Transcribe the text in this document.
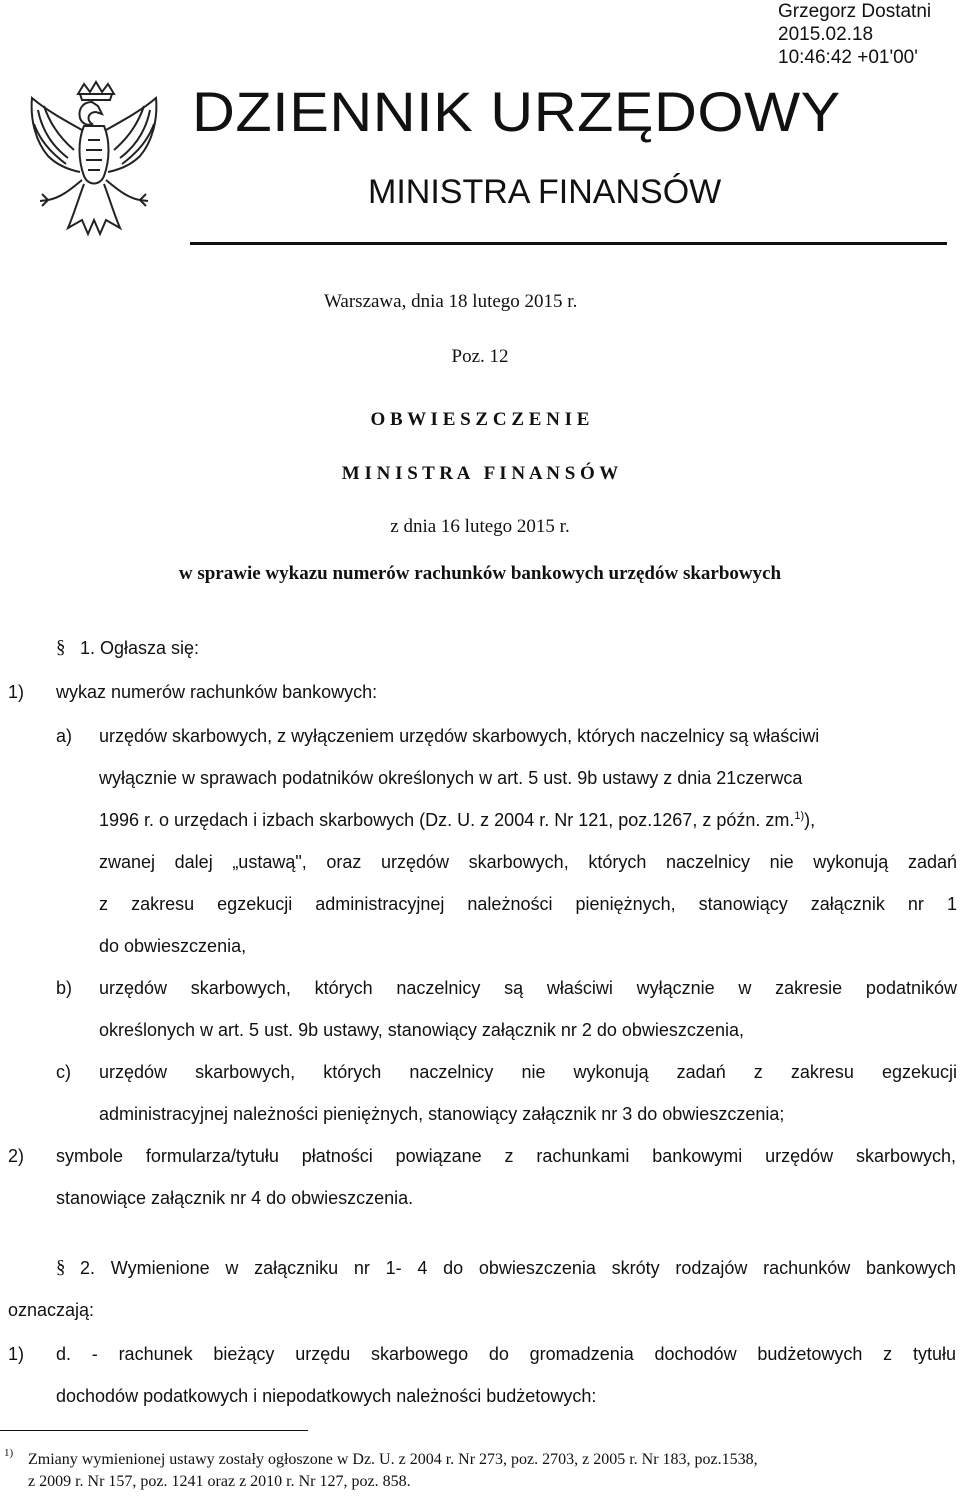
Grzegorz Dostatni
2015.02.18
10:46:42 +01'00'
DZIENNIK URZĘDOWY
MINISTRA FINANSÓW
Warszawa, dnia 18 lutego 2015 r.
Poz. 12
O B W I E S Z C Z E N I E
M I N I S T R A   F I N A N S Ó W
z dnia 16 lutego 2015 r.
w sprawie wykazu numerów rachunków bankowych urzędów skarbowych
§ 1. Ogłasza się:
1) wykaz numerów rachunków bankowych:
a) urzędów skarbowych, z wyłączeniem urzędów skarbowych, których naczelnicy są właściwi
wyłącznie w sprawach podatników określonych w art. 5 ust. 9b ustawy z dnia 21czerwca
1996 r. o urzędach i izbach skarbowych (Dz. U. z 2004 r. Nr 121, poz.1267, z późn. zm.$^{1)}$),
zwanej dalej „ustawą", oraz urzędów skarbowych, których naczelnicy nie wykonują zadań
z zakresu egzekucji administracyjnej należności pieniężnych, stanowiący załącznik nr 1
do obwieszczenia,
b) urzędów skarbowych, których naczelnicy są właściwi wyłącznie w zakresie podatników
określonych w art. 5 ust. 9b ustawy, stanowiący załącznik nr 2 do obwieszczenia,
c) urzędów skarbowych, których naczelnicy nie wykonują zadań z zakresu egzekucji
administracyjnej należności pieniężnych, stanowiący załącznik nr 3 do obwieszczenia;
2) symbole formularza/tytułu płatności powiązane z rachunkami bankowymi urzędów skarbowych,
stanowiące załącznik nr 4 do obwieszczenia.
§ 2. Wymienione w załączniku nr 1- 4 do obwieszczenia skróty rodzajów rachunków bankowych
oznaczają:
1) d. - rachunek bieżący urzędu skarbowego do gromadzenia dochodów budżetowych z tytułu
dochodów podatkowych i niepodatkowych należności budżetowych:
1) Zmiany wymienionej ustawy zostały ogłoszone w Dz. U. z 2004 r. Nr 273, poz. 2703, z 2005 r. Nr 183, poz.1538,
z 2009 r. Nr 157, poz. 1241 oraz z 2010 r. Nr 127, poz. 858.
